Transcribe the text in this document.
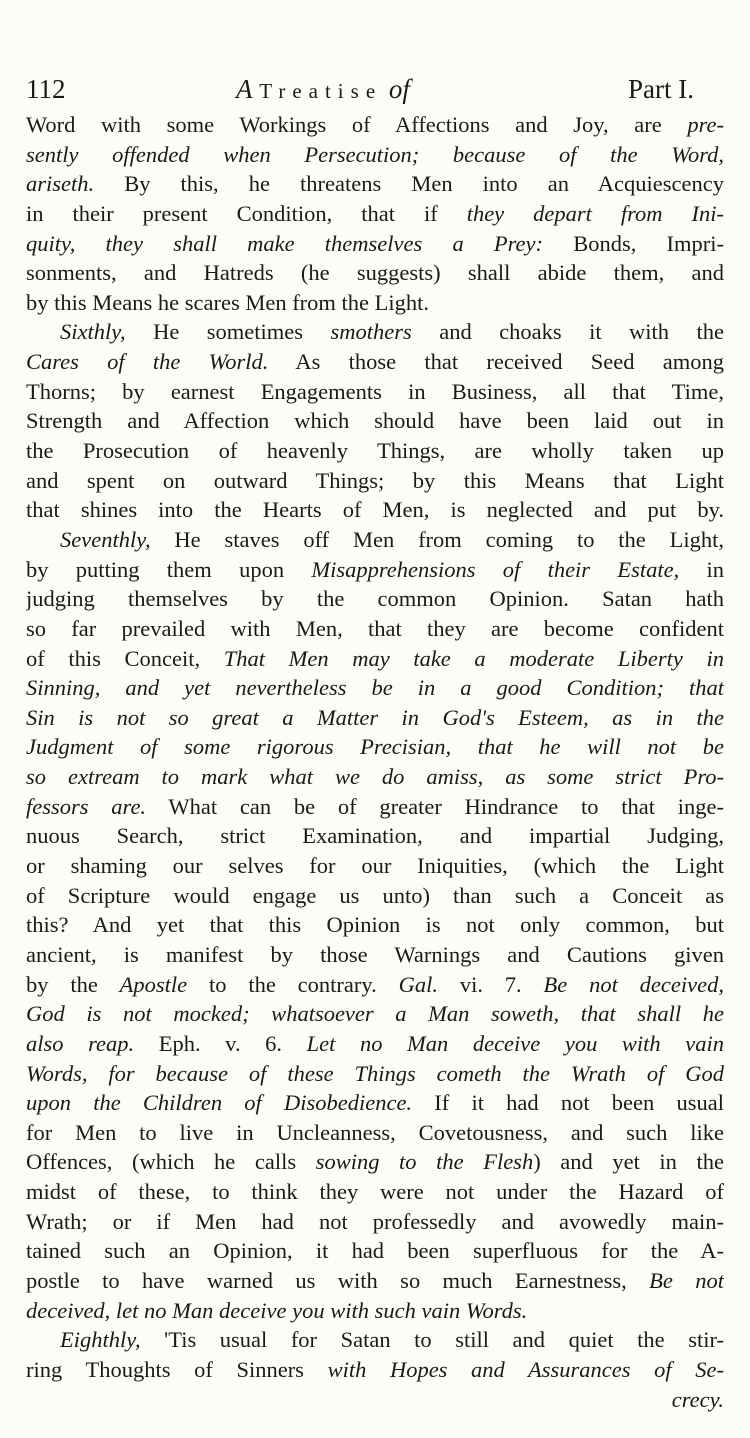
112	A Treatise of	Part I.
Word with some Workings of Affections and Joy, are pre-
sently offended when Persecution; because of the Word,
ariseth. By this, he threatens Men into an Acquiescency
in their present Condition, that if they depart from Ini-
quity, they shall make themselves a Prey: Bonds, Impri-
sonments, and Hatreds (he suggests) shall abide them, and
by this Means he scares Men from the Light.
Sixthly, He sometimes smothers and choaks it with the
Cares of the World. As those that received Seed among
Thorns; by earnest Engagements in Business, all that Time,
Strength and Affection which should have been laid out in
the Prosecution of heavenly Things, are wholly taken up
and spent on outward Things; by this Means that Light
that shines into the Hearts of Men, is neglected and put by.
Seventhly, He staves off Men from coming to the Light,
by putting them upon Misapprehensions of their Estate, in
judging themselves by the common Opinion. Satan hath
so far prevailed with Men, that they are become confident
of this Conceit, That Men may take a moderate Liberty in
Sinning, and yet nevertheless be in a good Condition; that
Sin is not so great a Matter in God's Esteem, as in the
Judgment of some rigorous Precisian, that he will not be
so extream to mark what we do amiss, as some strict Pro-
fessors are. What can be of greater Hindrance to that inge-
nuous Search, strict Examination, and impartial Judging,
or shaming our selves for our Iniquities, (which the Light
of Scripture would engage us unto) than such a Conceit as
this? And yet that this Opinion is not only common, but
ancient, is manifest by those Warnings and Cautions given
by the Apostle to the contrary. Gal. vi. 7. Be not deceived,
God is not mocked; whatsoever a Man soweth, that shall he
also reap. Eph. v. 6. Let no Man deceive you with vain
Words, for because of these Things cometh the Wrath of God
upon the Children of Disobedience. If it had not been usual
for Men to live in Uncleanness, Covetousness, and such like
Offences, (which he calls sowing to the Flesh) and yet in the
midst of these, to think they were not under the Hazard of
Wrath; or if Men had not professedly and avowedly main-
tained such an Opinion, it had been superfluous for the A-
postle to have warned us with so much Earnestness, Be not
deceived, let no Man deceive you with such vain Words.
Eighthly, 'Tis usual for Satan to still and quiet the stir-
ring Thoughts of Sinners with Hopes and Assurances of Se-
crecy.
